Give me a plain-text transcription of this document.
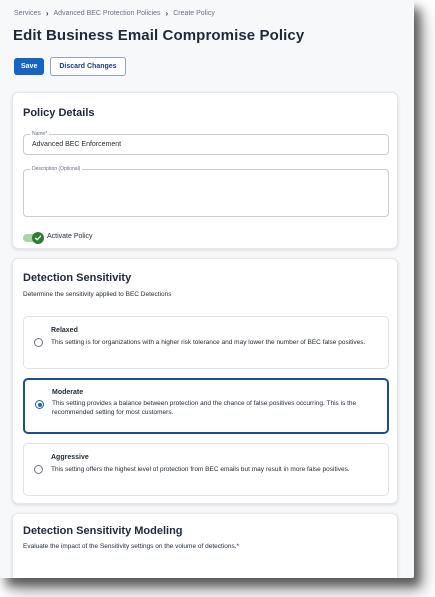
Services › Advanced BEC Protection Policies › Create Policy
Edit Business Email Compromise Policy
Save	Discard Changes
Policy Details
Name*
Advanced BEC Enforcement
Description (Optional)
Activate Policy
Detection Sensitivity
Determine the sensitivity applied to BEC Detections
Relaxed
This setting is for organizations with a higher risk tolerance and may lower the number of BEC false positives.
Moderate
This setting provides a balance between protection and the chance of false positives occurring. This is the recommended setting for most customers.
Aggressive
This setting offers the highest level of protection from BEC emails but may result in more false positives.
Detection Sensitivity Modeling
Evaluate the impact of the Sensitivity settings on the volume of detections.*
